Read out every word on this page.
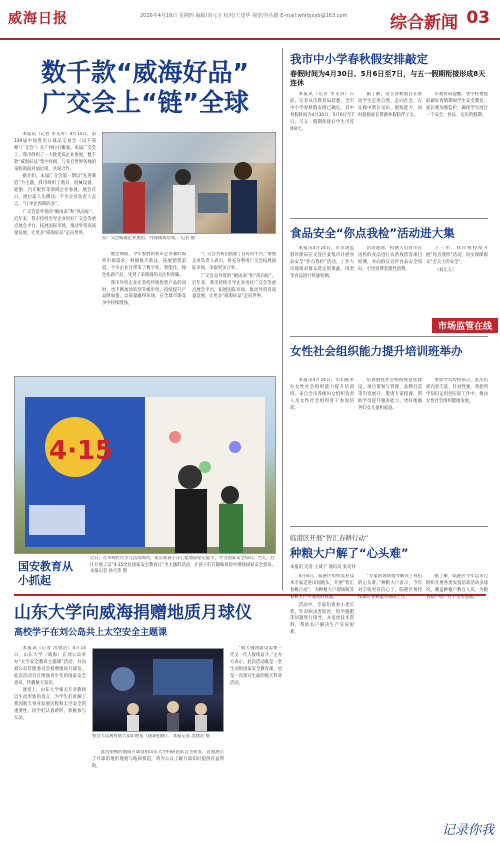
威海日报	2026年4月16日 星期四 编辑/刘元玉 校对/王建华 视觉/谷丛健 E-mail:whrbjxyb@163.com	综合新闻 03
数千款“威海好品”
广交会上“链”全球

本报讯（记者 李文涛）4月15日，第139届中国进出口商品交易会（以下简称“广交会”）在广州拉开帷幕。本届广交会上，我市组织了一大批优质企业参展，数千款“威海好品”集中亮相，与来自世界各地的采购商面对面洽谈，共谋合作。

据介绍，本届广交会第一期以“先进制造”为主题，我市组织了渔具、机械设备、轮胎、汽车配件等领域企业参展。展会首日，展位前人头攒动，不少企业负责人直言，“订单比预期的多”。

广交会是外贸的“晴雨表”和“风向标”。近年来，我市持续引导企业用好广交会等重点展会平台，拓展国际市场，推动外贸高质量发展，让更多“威海好品”走向世界。

在广交会威海企业展馆，外商现场洽谈。 记者 摄

展会期间，今年参展的我市企业紧盯海外市场需求，积极推介新品，拓展销售渠道。不少企业还带来了数字化、智能化、绿色化新产品，受到了采购商的关注和青睐。

我市外贸企业在坚持传统优势产品的同时，也不断加快转型升级步伐，持续提升产品附加值，以质量赢得市场，在全球市场竞争中持续增强。

“广交会为我们搭建了良好的平台。”参展企业负责人表示，将充分利用广交会拓展国际市场，争取更多订单。

广交会是外贸的“晴雨表”和“风向标”。近年来，我市持续引导企业用好广交会等重点展会平台，拓展国际市场，推动外贸高质量发展，让更多“威海好品”走向世界。

4·15
国安教育从小抓起
近日，在华绵社区少儿活动场所，家长和孩子在心愿墙前贴心愿卡，学习国家安全知识。当天，社区开展了以“4·15全民国家安全教育日”为主题的活动，让孩子们在趣味体验中增强国家安全意识。 本报记者 孙天伟 摄
山东大学向威海捐赠地质月球仪
高校学子在刘公岛共上太空安全主题课

本报讯（记者 沈德浩）4月14日，山东大学（威海）在刘公岛举办“太空安全教育主题课”活动，并向刘公岛管理委员会捐赠地质月球仪。此次活动旨在增强青少年的国家安全意识，传播航天知识。

课堂上，山东大学相关专业教师以生动形象的语言，为学生们讲解了我国航天事业发展历程和太空安全的重要性。同学们认真聆听，积极参与互动。

参会人员观看航天知识展览（现场拍摄）。 本报记者 沈德浩 摄

此次捐赠的地质月球仪由山东大学科研团队自主研发，直观展示了月球的地形地貌与地质构造，将为公众了解月球知识提供有益帮助。

“航天强国建设需要一代又一代人接续奋斗。”主办方表示，此次活动既是一堂生动的国家安全教育课，也是一次别开生面的航天科普活动。

我市中小学春秋假安排敲定
春假时间为4月30日、5月6日至7日，与五一假期衔接形成8天连休

本报讯（记者 李文涛）日前，记者从市教育局获悉，全市中小学春秋假安排已确定。其中春假时间为4月30日、5月6日至7日，与五一假期衔接后学生可连休8天。

据了解，设立春秋假旨在推动学生走进自然、走向社会，在实践中增长见识、锻炼能力，同时鼓励家长带薪休假陪伴子女。

市教育局提醒，各学校要提前做好春假期间学生安全教育，家长要加强监护，确保学生度过一个安全、快乐、充实的假期。

食品安全“你点我检”活动进大集

本报讯4月14日，市市场监督管理局在文登区某集市开展食品安全“你点我检”活动，工作人员现场对群众选定的果蔬、肉类等食品进行快速检测。

活动现场，检测人员对市民送检的食品进行农药残留等项目检测，并向群众宣传食品安全知识，引导消费者理性消费。

下一步，我市将持续开展“你点我检”活动，切实保障群众“舌尖上的安全”。

（刘元玉）

市场监管在线
女性社会组织能力提升培训班举办

本报讯4月14日，市妇联举办女性社会组织能力提升培训班，来自全市各级妇女组织负责人及女性社会组织骨干参加培训。

培训围绕社会组织规范化建设、项目策划与管理、品牌打造等内容展开，邀请专家授课，帮助学员提升服务能力，更好地服务妇女儿童和家庭。

参训学员纷纷表示，此次培训内容丰富、针对性强，将把所学知识运用到实际工作中，推动女性社会组织健康发展。

临港区开展“智汇春耕行动”
种粮大户解了“心头难”
本报讯 记者 王威宁 通讯员 张昊祥

4月8日，临港区组织农业技术专家走进田间地头，开展“智汇春耕行动”，为种粮大户现场解答春耕生产中遇到的难题。

活动中，专家们查看小麦长势，针对病虫害防治、科学施肥等问题进行指导，并发放技术资料，帮助农户解决生产实际困难。

“专家的现场指导解决了我们的心头难。”种粮大户表示，今年对丰收更有信心了。临港区将持续做好春耕服务保障工作。

据了解，临港区今年以来已组织开展各类农技培训活动多场次，覆盖种植户数百人次，为粮食稳产增产打下坚实基础。

记录你我
